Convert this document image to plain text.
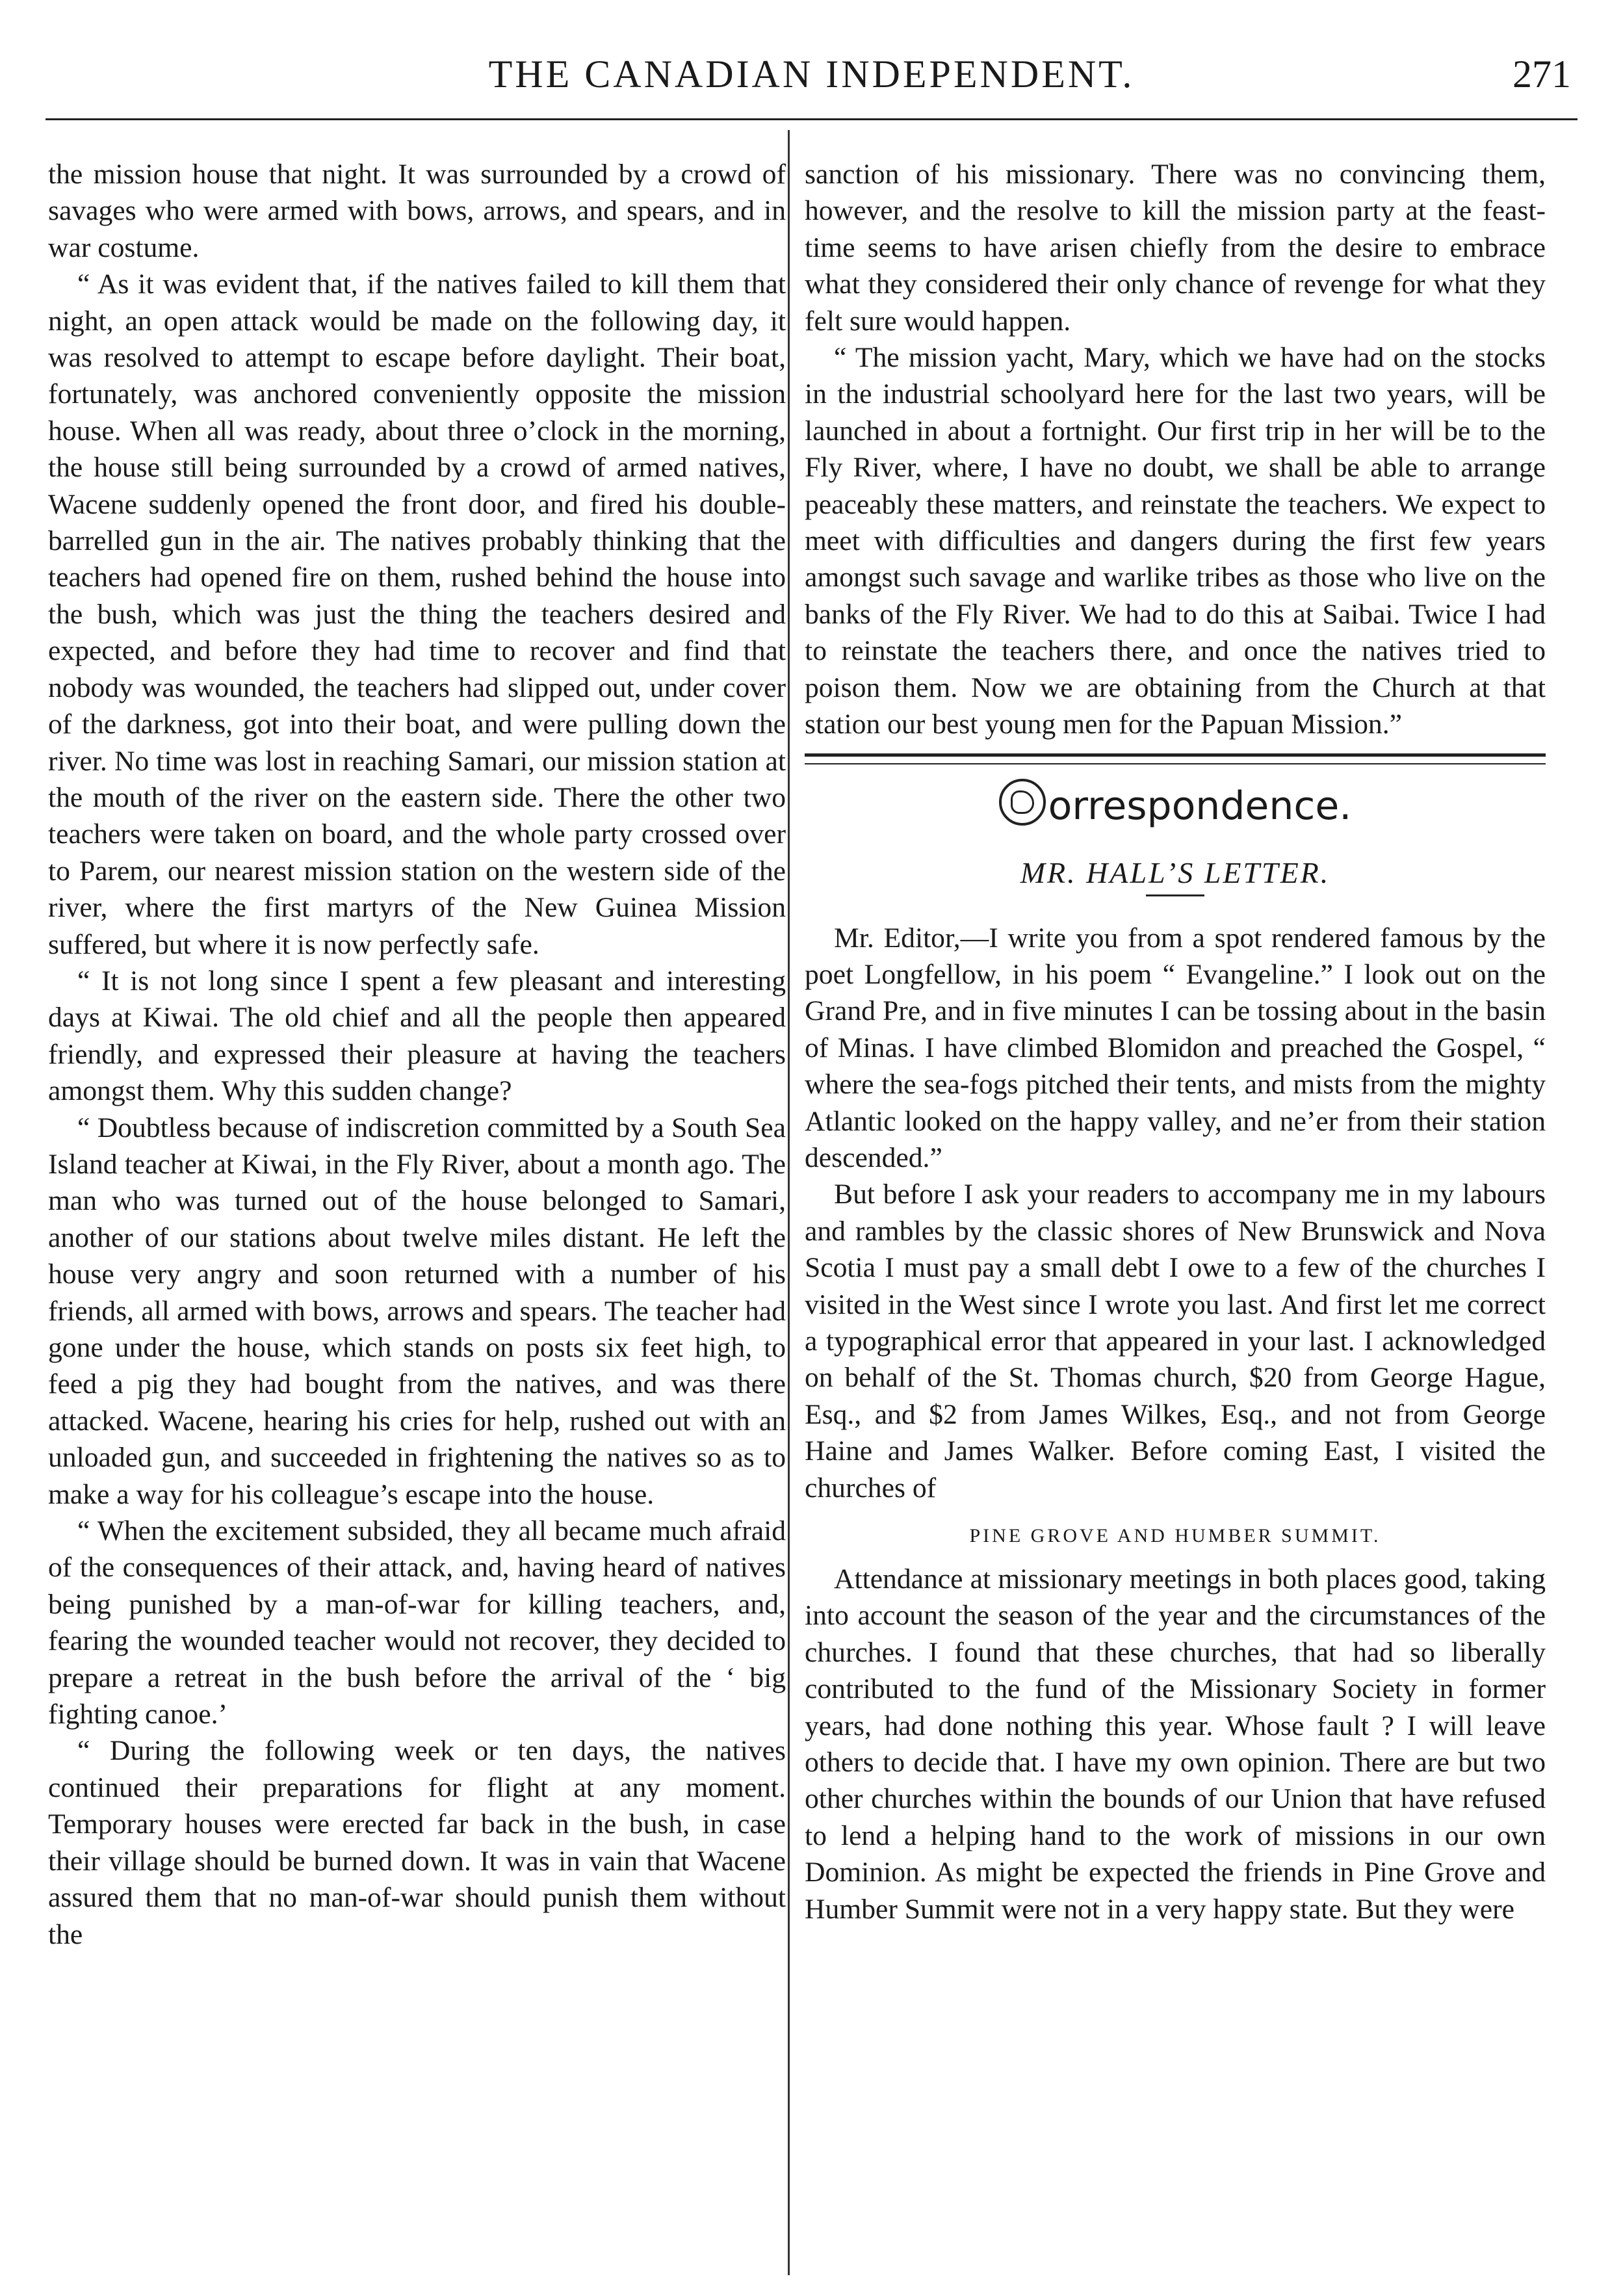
THE CANADIAN INDEPENDENT.	271

the mission house that night. It was surrounded by a crowd of savages who were armed with bows, arrows, and spears, and in war costume.

“ As it was evident that, if the natives failed to kill them that night, an open attack would be made on the following day, it was resolved to attempt to escape before daylight. Their boat, fortunately, was anchored conveniently opposite the mission house. When all was ready, about three o’clock in the morning, the house still being surrounded by a crowd of armed natives, Wacene suddenly opened the front door, and fired his double-barrelled gun in the air. The natives probably thinking that the teachers had opened fire on them, rushed behind the house into the bush, which was just the thing the teachers desired and expected, and before they had time to recover and find that nobody was wounded, the teachers had slipped out, under cover of the darkness, got into their boat, and were pulling down the river. No time was lost in reaching Samari, our mission station at the mouth of the river on the eastern side. There the other two teachers were taken on board, and the whole party crossed over to Parem, our nearest mission station on the western side of the river, where the first martyrs of the New Guinea Mission suffered, but where it is now perfectly safe.

“ It is not long since I spent a few pleasant and interesting days at Kiwai. The old chief and all the people then appeared friendly, and expressed their pleasure at having the teachers amongst them. Why this sudden change?

“ Doubtless because of indiscretion committed by a South Sea Island teacher at Kiwai, in the Fly River, about a month ago. The man who was turned out of the house belonged to Samari, another of our stations about twelve miles distant. He left the house very angry and soon returned with a number of his friends, all armed with bows, arrows and spears. The teacher had gone under the house, which stands on posts six feet high, to feed a pig they had bought from the natives, and was there attacked. Wacene, hearing his cries for help, rushed out with an unloaded gun, and succeeded in frightening the natives so as to make a way for his colleague’s escape into the house.

“ When the excitement subsided, they all became much afraid of the consequences of their attack, and, having heard of natives being punished by a man-of-war for killing teachers, and, fearing the wounded teacher would not recover, they decided to prepare a retreat in the bush before the arrival of the ‘ big fighting canoe.’

“ During the following week or ten days, the natives continued their preparations for flight at any moment. Temporary houses were erected far back in the bush, in case their village should be burned down. It was in vain that Wacene assured them that no man-of-war should punish them without the

sanction of his missionary. There was no convincing them, however, and the resolve to kill the mission party at the feast-time seems to have arisen chiefly from the desire to embrace what they considered their only chance of revenge for what they felt sure would happen.

“ The mission yacht, Mary, which we have had on the stocks in the industrial schoolyard here for the last two years, will be launched in about a fortnight. Our first trip in her will be to the Fly River, where, I have no doubt, we shall be able to arrange peaceably these matters, and reinstate the teachers. We expect to meet with difficulties and dangers during the first few years amongst such savage and warlike tribes as those who live on the banks of the Fly River. We had to do this at Saibai. Twice I had to reinstate the teachers there, and once the natives tried to poison them. Now we are obtaining from the Church at that station our best young men for the Papuan Mission.”

orrespondence.
MR. HALL’S LETTER.

Mr. Editor,—I write you from a spot rendered famous by the poet Longfellow, in his poem “ Evangeline.” I look out on the Grand Pre, and in five minutes I can be tossing about in the basin of Minas. I have climbed Blomidon and preached the Gospel, “ where the sea-fogs pitched their tents, and mists from the mighty Atlantic looked on the happy valley, and ne’er from their station descended.”

But before I ask your readers to accompany me in my labours and rambles by the classic shores of New Brunswick and Nova Scotia I must pay a small debt I owe to a few of the churches I visited in the West since I wrote you last. And first let me correct a typographical error that appeared in your last. I acknowledged on behalf of the St. Thomas church, $20 from George Hague, Esq., and $2 from James Wilkes, Esq., and not from George Haine and James Walker. Before coming East, I visited the churches of

PINE GROVE AND HUMBER SUMMIT.

Attendance at missionary meetings in both places good, taking into account the season of the year and the circumstances of the churches. I found that these churches, that had so liberally contributed to the fund of the Missionary Society in former years, had done nothing this year. Whose fault ? I will leave others to decide that. I have my own opinion. There are but two other churches within the bounds of our Union that have refused to lend a helping hand to the work of missions in our own Dominion. As might be expected the friends in Pine Grove and Humber Summit were not in a very happy state. But they were
